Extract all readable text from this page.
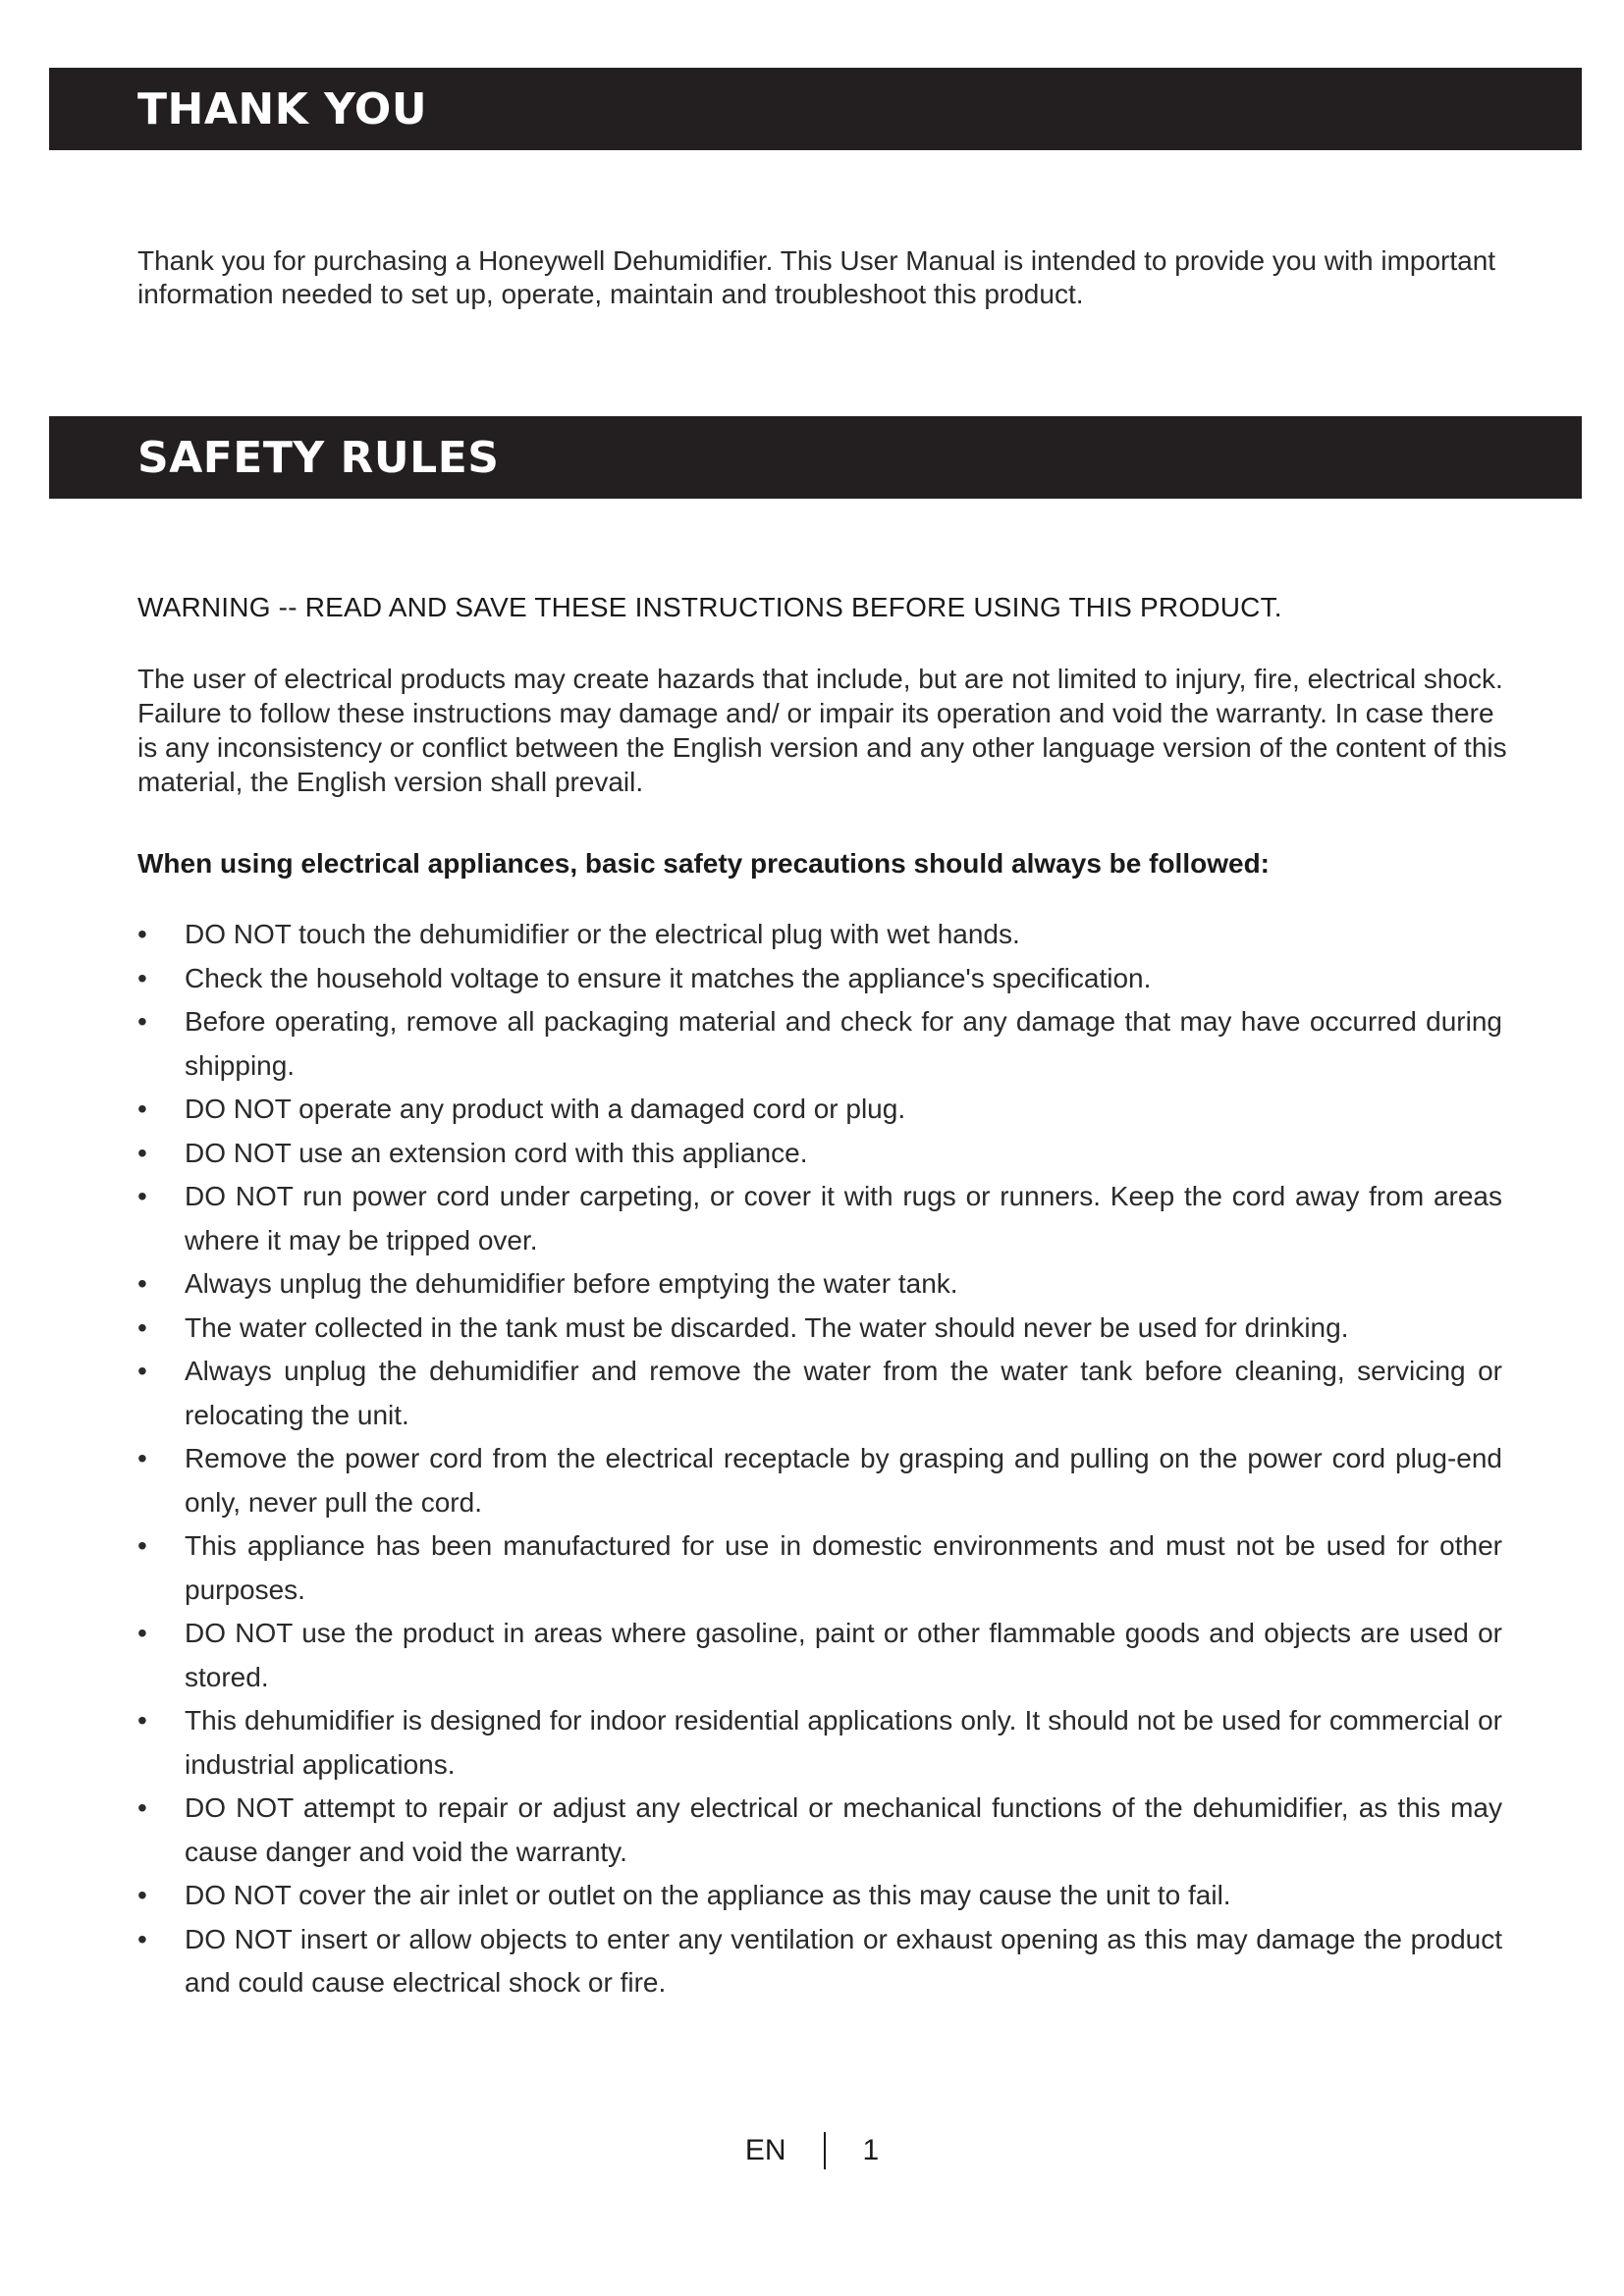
THANK YOU

Thank you for purchasing a Honeywell Dehumidifier. This User Manual is intended to provide you with important information needed to set up, operate, maintain and troubleshoot this product.

SAFETY RULES
WARNING -- READ AND SAVE THESE INSTRUCTIONS BEFORE USING THIS PRODUCT.

The user of electrical products may create hazards that include, but are not limited to injury, fire, electrical shock. Failure to follow these instructions may damage and/ or impair its operation and void the warranty. In case there is any inconsistency or conflict between the English version and any other language version of the content of this material, the English version shall prevail.

When using electrical appliances, basic safety precautions should always be followed:
•	DO NOT touch the dehumidifier or the electrical plug with wet hands.
•	Check the household voltage to ensure it matches the appliance's specification.
•	Before operating, remove all packaging material and check for any damage that may have occurred during shipping.
•	DO NOT operate any product with a damaged cord or plug.
•	DO NOT use an extension cord with this appliance.
•	DO NOT run power cord under carpeting, or cover it with rugs or runners. Keep the cord away from areas where it may be tripped over.
•	Always unplug the dehumidifier before emptying the water tank.
•	The water collected in the tank must be discarded. The water should never be used for drinking.
•	Always unplug the dehumidifier and remove the water from the water tank before cleaning, servicing or relocating the unit.
•	Remove the power cord from the electrical receptacle by grasping and pulling on the power cord plug-end only, never pull the cord.
•	This appliance has been manufactured for use in domestic environments and must not be used for other purposes.
•	DO NOT use the product in areas where gasoline, paint or other flammable goods and objects are used or stored.
•	This dehumidifier is designed for indoor residential applications only. It should not be used for commercial or industrial applications.
•	DO NOT attempt to repair or adjust any electrical or mechanical functions of the dehumidifier, as this may cause danger and void the warranty.
•	DO NOT cover the air inlet or outlet on the appliance as this may cause the unit to fail.
•	DO NOT insert or allow objects to enter any ventilation or exhaust opening as this may damage the product and could cause electrical shock or fire.
EN	1
